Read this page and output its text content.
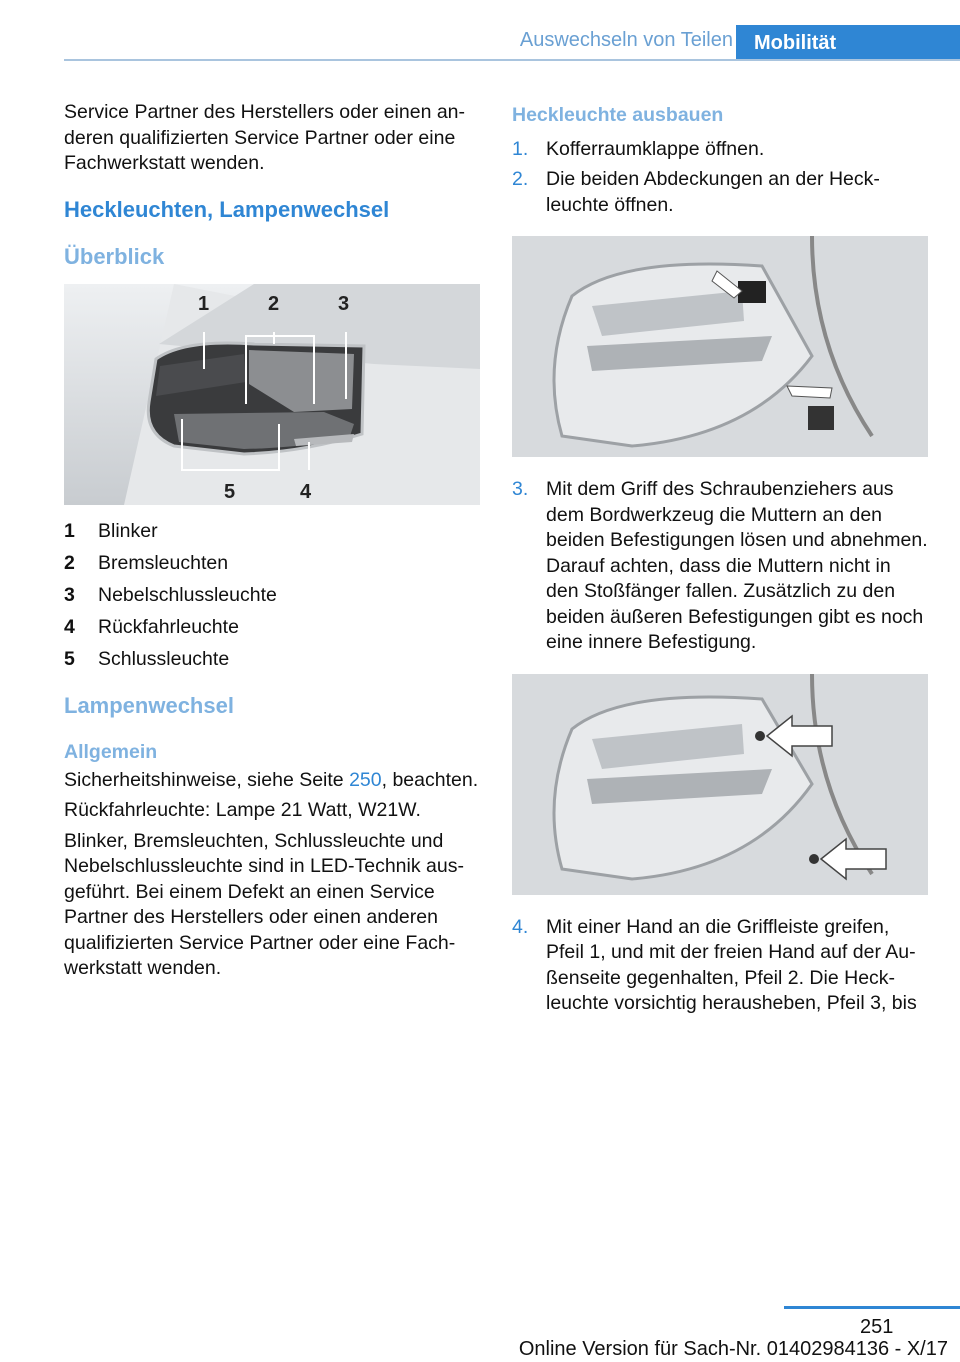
Auswechseln von Teilen	Mobilität

Service Partner des Herstellers oder einen anderen qualifizierten Service Partner oder eine Fachwerkstatt wenden.

Heckleuchten, Lampenwechsel
Überblick
1	2	3
4
5
1	Blinker
2	Bremsleuchten
3	Nebelschlussleuchte
4	Rückfahrleuchte
5	Schlussleuchte
Lampenwechsel
Allgemein

Sicherheitshinweise, siehe Seite 250, beachten.

Rückfahrleuchte: Lampe 21 Watt, W21W.

Blinker, Bremsleuchten, Schlussleuchte und Nebelschlussleuchte sind in LED-Technik ausgeführt. Bei einem Defekt an einen Service Partner des Herstellers oder einen anderen qualifizierten Service Partner oder eine Fachwerkstatt wenden.

Heckleuchte ausbauen
1. Kofferraumklappe öffnen.
2. Die beiden Abdeckungen an der Heckleuchte öffnen.
3. Mit dem Griff des Schraubenziehers aus dem Bordwerkzeug die Muttern an den beiden Befestigungen lösen und abnehmen. Darauf achten, dass die Muttern nicht in den Stoßfänger fallen. Zusätzlich zu den beiden äußeren Befestigungen gibt es noch eine innere Befestigung.
4. Mit einer Hand an die Griffleiste greifen, Pfeil 1, und mit der freien Hand auf der Außenseite gegenhalten, Pfeil 2. Die Heckleuchte vorsichtig herausheben, Pfeil 3, bis
251
Online Version für Sach-Nr. 01402984136 - X/17
